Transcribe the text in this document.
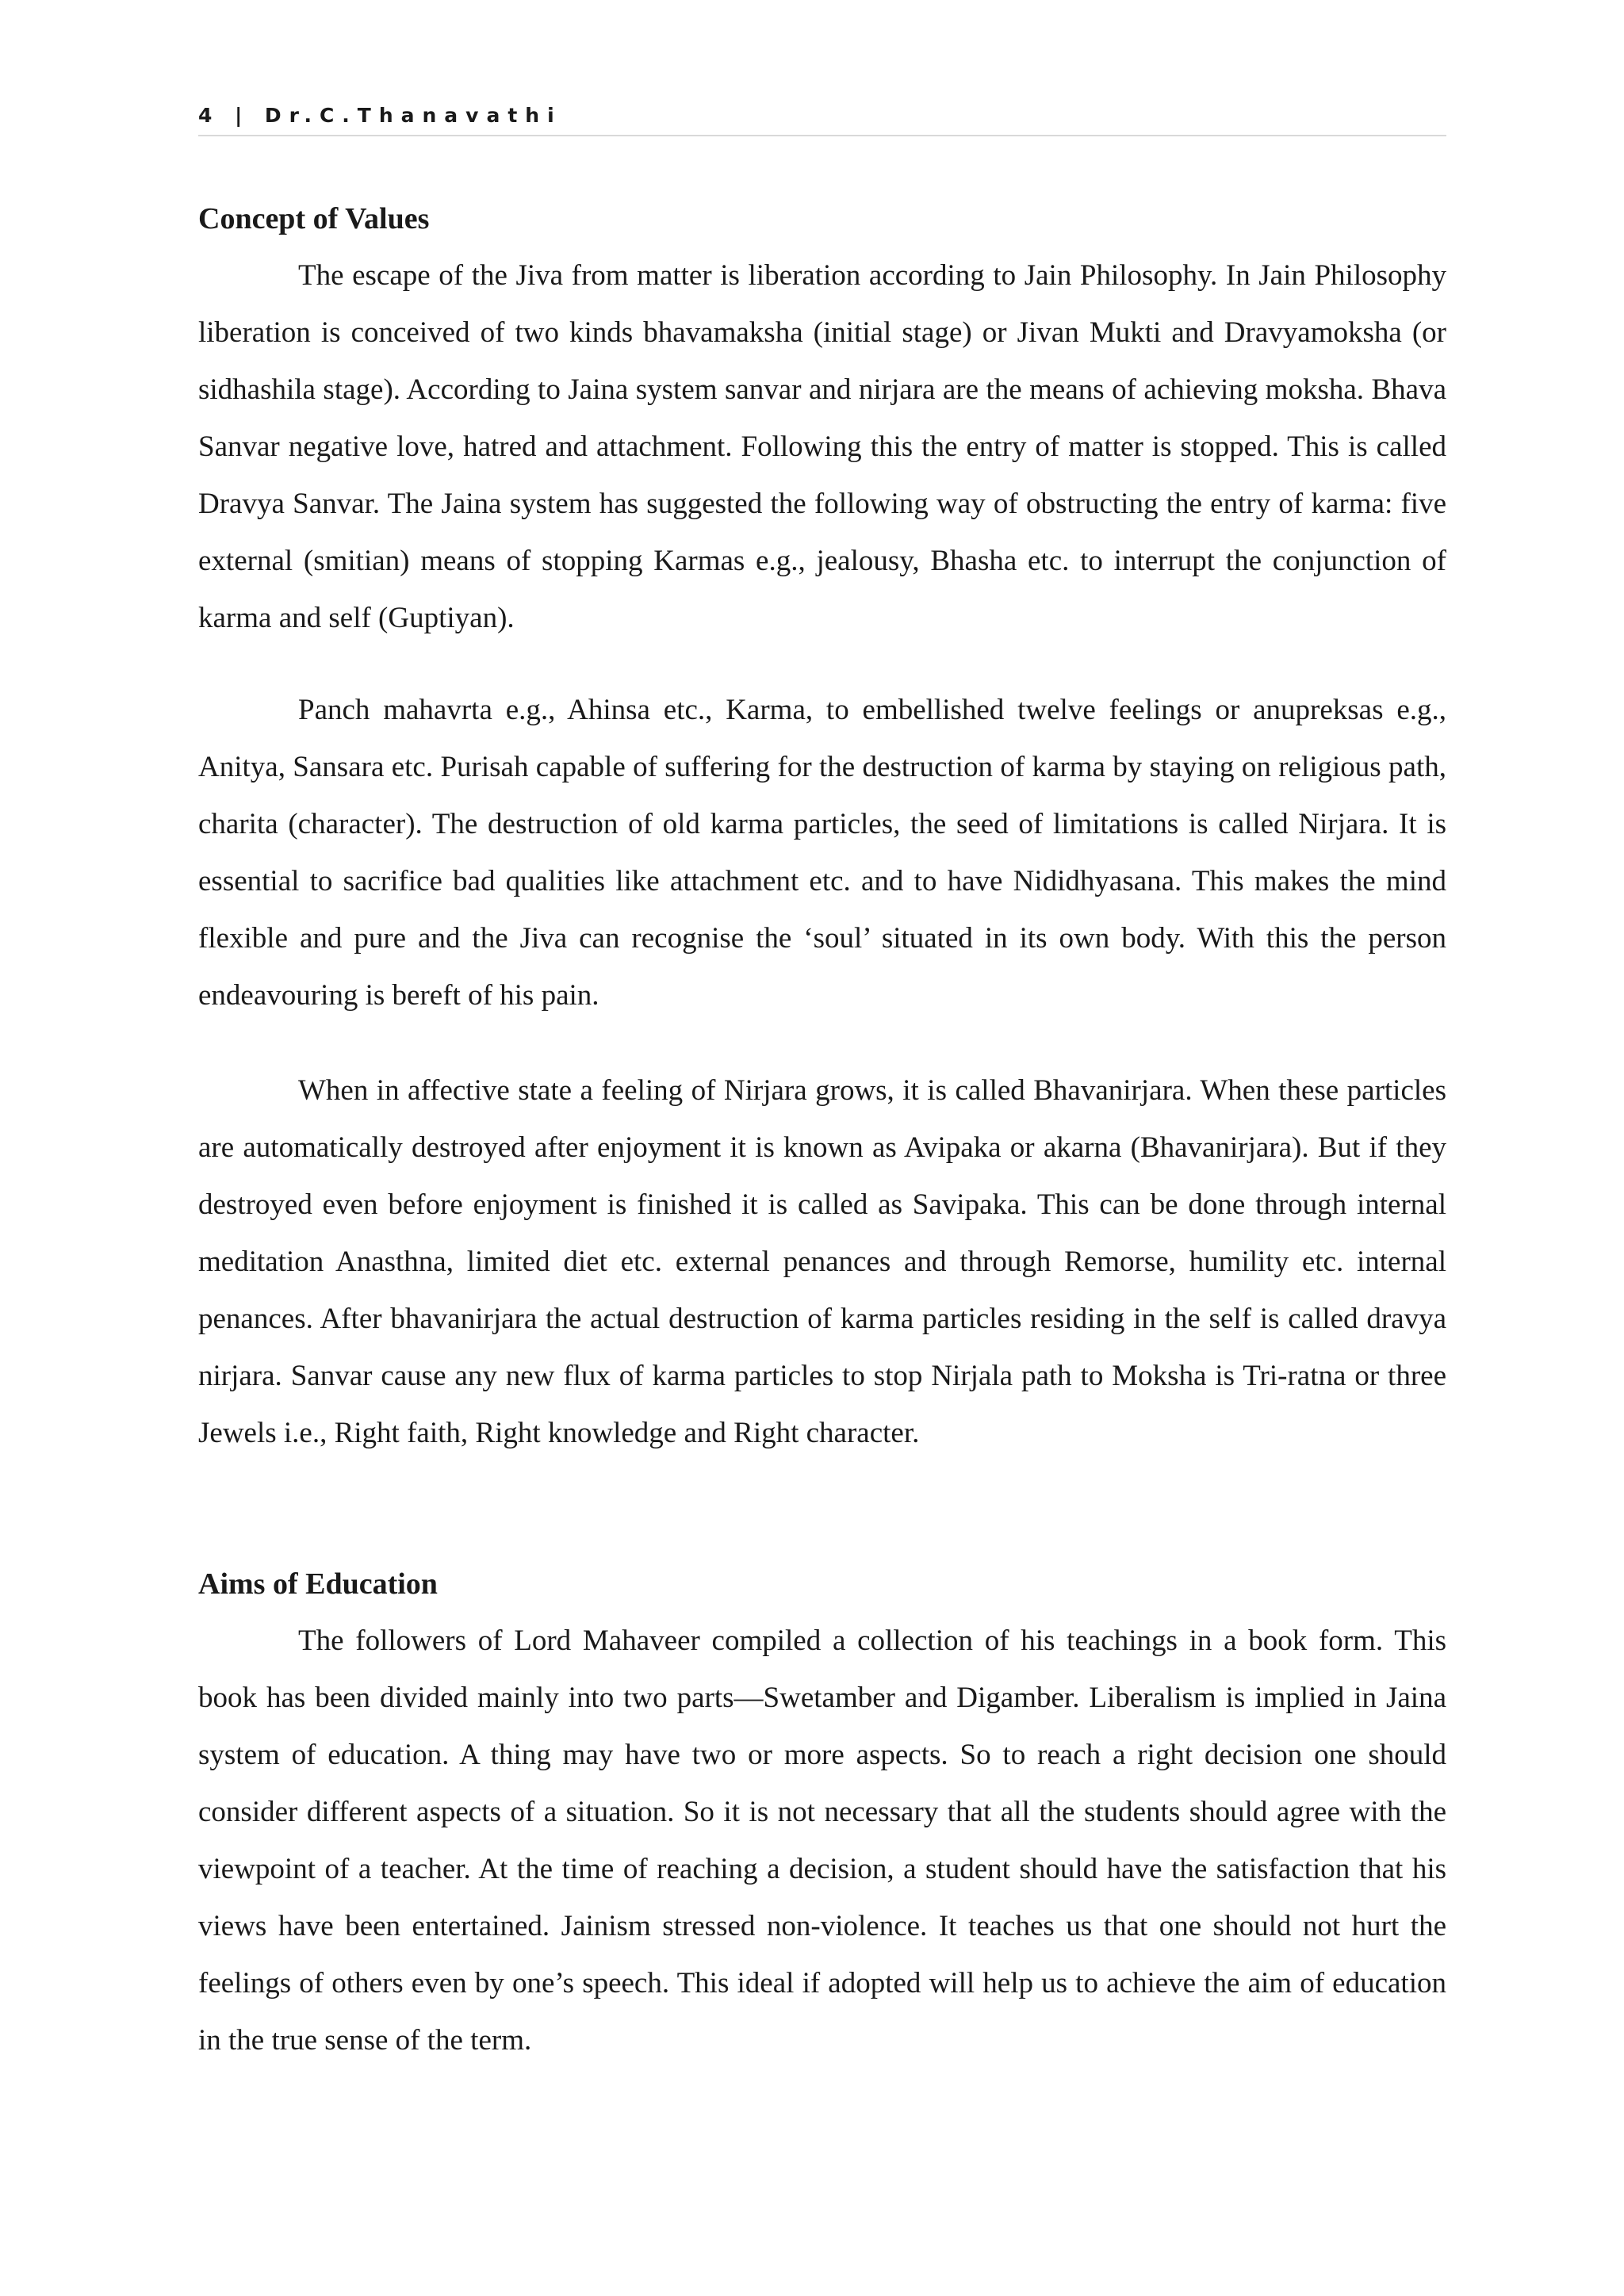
4 | Dr.C.Thanavathi
Concept of Values

The escape of the Jiva from matter is liberation according to Jain Philosophy. In Jain Philosophy liberation is conceived of two kinds bhavamaksha (initial stage) or Jivan Mukti and Dravyamoksha (or sidhashila stage). According to Jaina system sanvar and nirjara are the means of achieving moksha. Bhava Sanvar negative love, hatred and attachment. Following this the entry of matter is stopped. This is called Dravya Sanvar. The Jaina system has suggested the following way of obstructing the entry of karma: five external (smitian) means of stopping Karmas e.g., jealousy, Bhasha etc. to interrupt the conjunction of karma and self (Guptiyan).

Panch mahavrta e.g., Ahinsa etc., Karma, to embellished twelve feelings or anupreksas e.g., Anitya, Sansara etc. Purisah capable of suffering for the destruction of karma by staying on religious path, charita (character). The destruction of old karma particles, the seed of limitations is called Nirjara. It is essential to sacrifice bad qualities like attachment etc. and to have Nididhyasana. This makes the mind flexible and pure and the Jiva can recognise the ‘soul’ situated in its own body. With this the person endeavouring is bereft of his pain.

When in affective state a feeling of Nirjara grows, it is called Bhavanirjara. When these particles are automatically destroyed after enjoyment it is known as Avipaka or akarna (Bhavanirjara). But if they destroyed even before enjoyment is finished it is called as Savipaka. This can be done through internal meditation Anasthna, limited diet etc. external penances and through Remorse, humility etc. internal penances. After bhavanirjara the actual destruction of karma particles residing in the self is called dravya nirjara. Sanvar cause any new flux of karma particles to stop Nirjala path to Moksha is Tri-ratna or three Jewels i.e., Right faith, Right knowledge and Right character.

Aims of Education

The followers of Lord Mahaveer compiled a collection of his teachings in a book form. This book has been divided mainly into two parts—Swetamber and Digamber. Liberalism is implied in Jaina system of education. A thing may have two or more aspects. So to reach a right decision one should consider different aspects of a situation. So it is not necessary that all the students should agree with the viewpoint of a teacher. At the time of reaching a decision, a student should have the satisfaction that his views have been entertained. Jainism stressed non-violence. It teaches us that one should not hurt the feelings of others even by one’s speech. This ideal if adopted will help us to achieve the aim of education in the true sense of the term.
